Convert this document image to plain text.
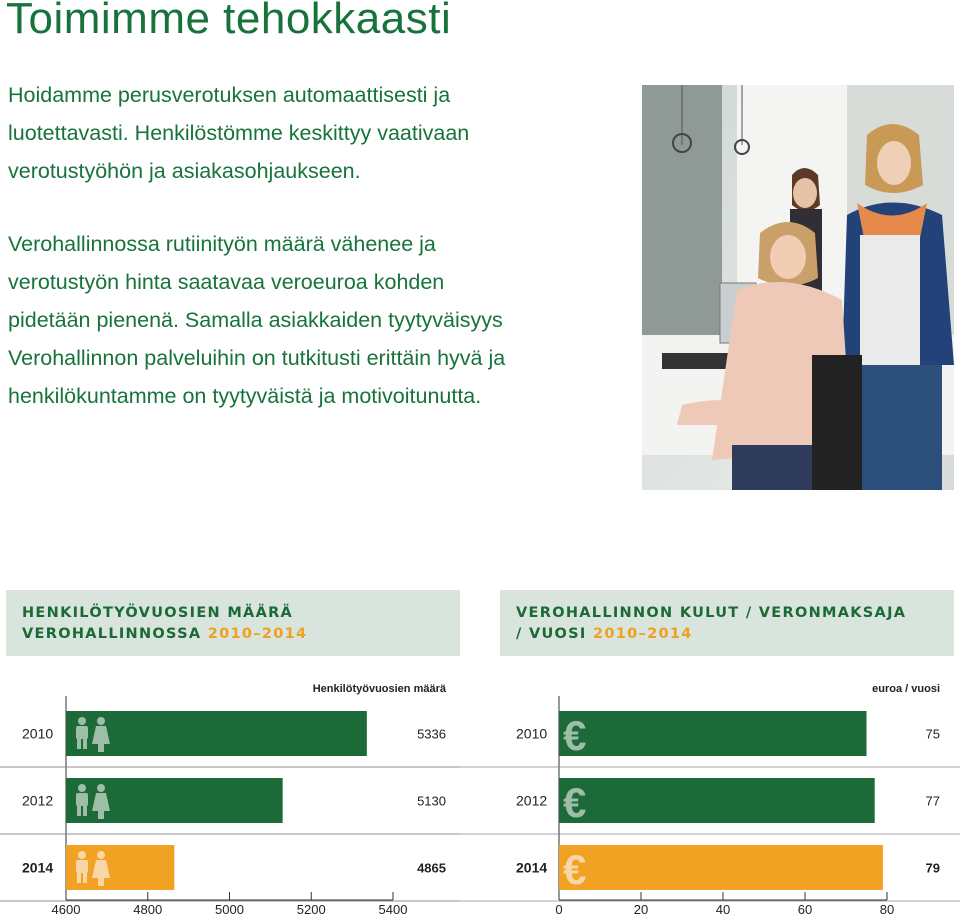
Toimimme tehokkaasti

Hoidamme perusverotuksen automaattisesti ja
luotettavasti. Henkilöstömme keskittyy vaativaan
verotustyöhön ja asiakasohjaukseen.

Verohallinnossa rutiinityön määrä vähenee ja
verotustyön hinta saatavaa veroeuroa kohden
pidetään pienenä. Samalla asiakkaiden tyytyväisyys
Verohallinnon palveluihin on tutkitusti erittäin hyvä ja
henkilökuntamme on tyytyväistä ja motivoitunutta.

HENKILÖTYÖVUOSIEN MÄÄRÄ
VEROHALLINNOSSA 2010–2014
VEROHALLINNON KULUT / VERONMAKSAJA
/ VUOSI 2010–2014
Henkilötyövuosien määrä
2010	5336
2012	5130
2014	4865
4600	4800	5000	5200	5400
euroa / vuosi
2010	75
€
2012	77
€
2014	79
€
0	20	40	60	80
